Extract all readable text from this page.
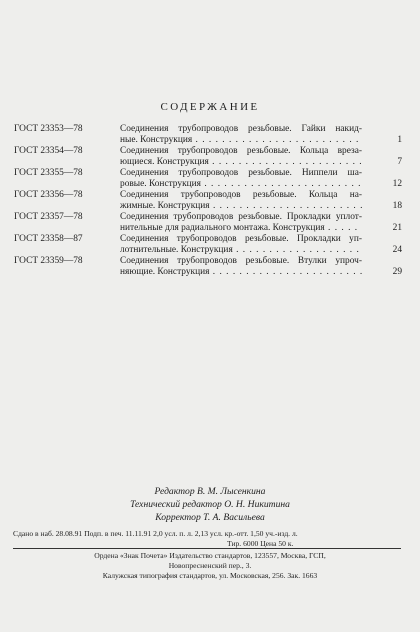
СОДЕРЖАНИЕ
ГОСТ 23353—78	Соединения трубопроводов резьбовые. Гайки накид-
ные. Конструкция . . .	1
ГОСТ 23354—78	Соединения трубопроводов резьбовые. Кольца вреза-
ющиеся. Конструкция . . .	7
ГОСТ 23355—78	Соединения трубопроводов резьбовые. Ниппели ша-
ровые. Конструкция . . .	12
ГОСТ 23356—78	Соединения трубопроводов резьбовые. Кольца на-
жимные. Конструкция . . .	18
ГОСТ 23357—78	Соединения трубопроводов резьбовые. Прокладки уплот-
нительные для радиального монтажа. Конструкция . . .	21
ГОСТ 23358—87	Соединения трубопроводов резьбовые. Прокладки уп-
лотнительные. Конструкция . . .	24
ГОСТ 23359—78	Соединения трубопроводов резьбовые. Втулки упроч-
няющие. Конструкция . . .	29
Редактор В. М. Лысенкина
Технический редактор О. Н. Никитина
Корректор Т. А. Васильева
Сдано в наб. 28.08.91 Подп. в печ. 11.11.91 2,0 усл. п. л. 2,13 усл. кр.-отт. 1,50 уч.-изд. л.
Тир. 6000 Цена 50 к.
Ордена «Знак Почета» Издательство стандартов, 123557, Москва, ГСП,
Новопресненский пер., 3.
Калужская типография стандартов, ул. Московская, 256. Зак. 1663
